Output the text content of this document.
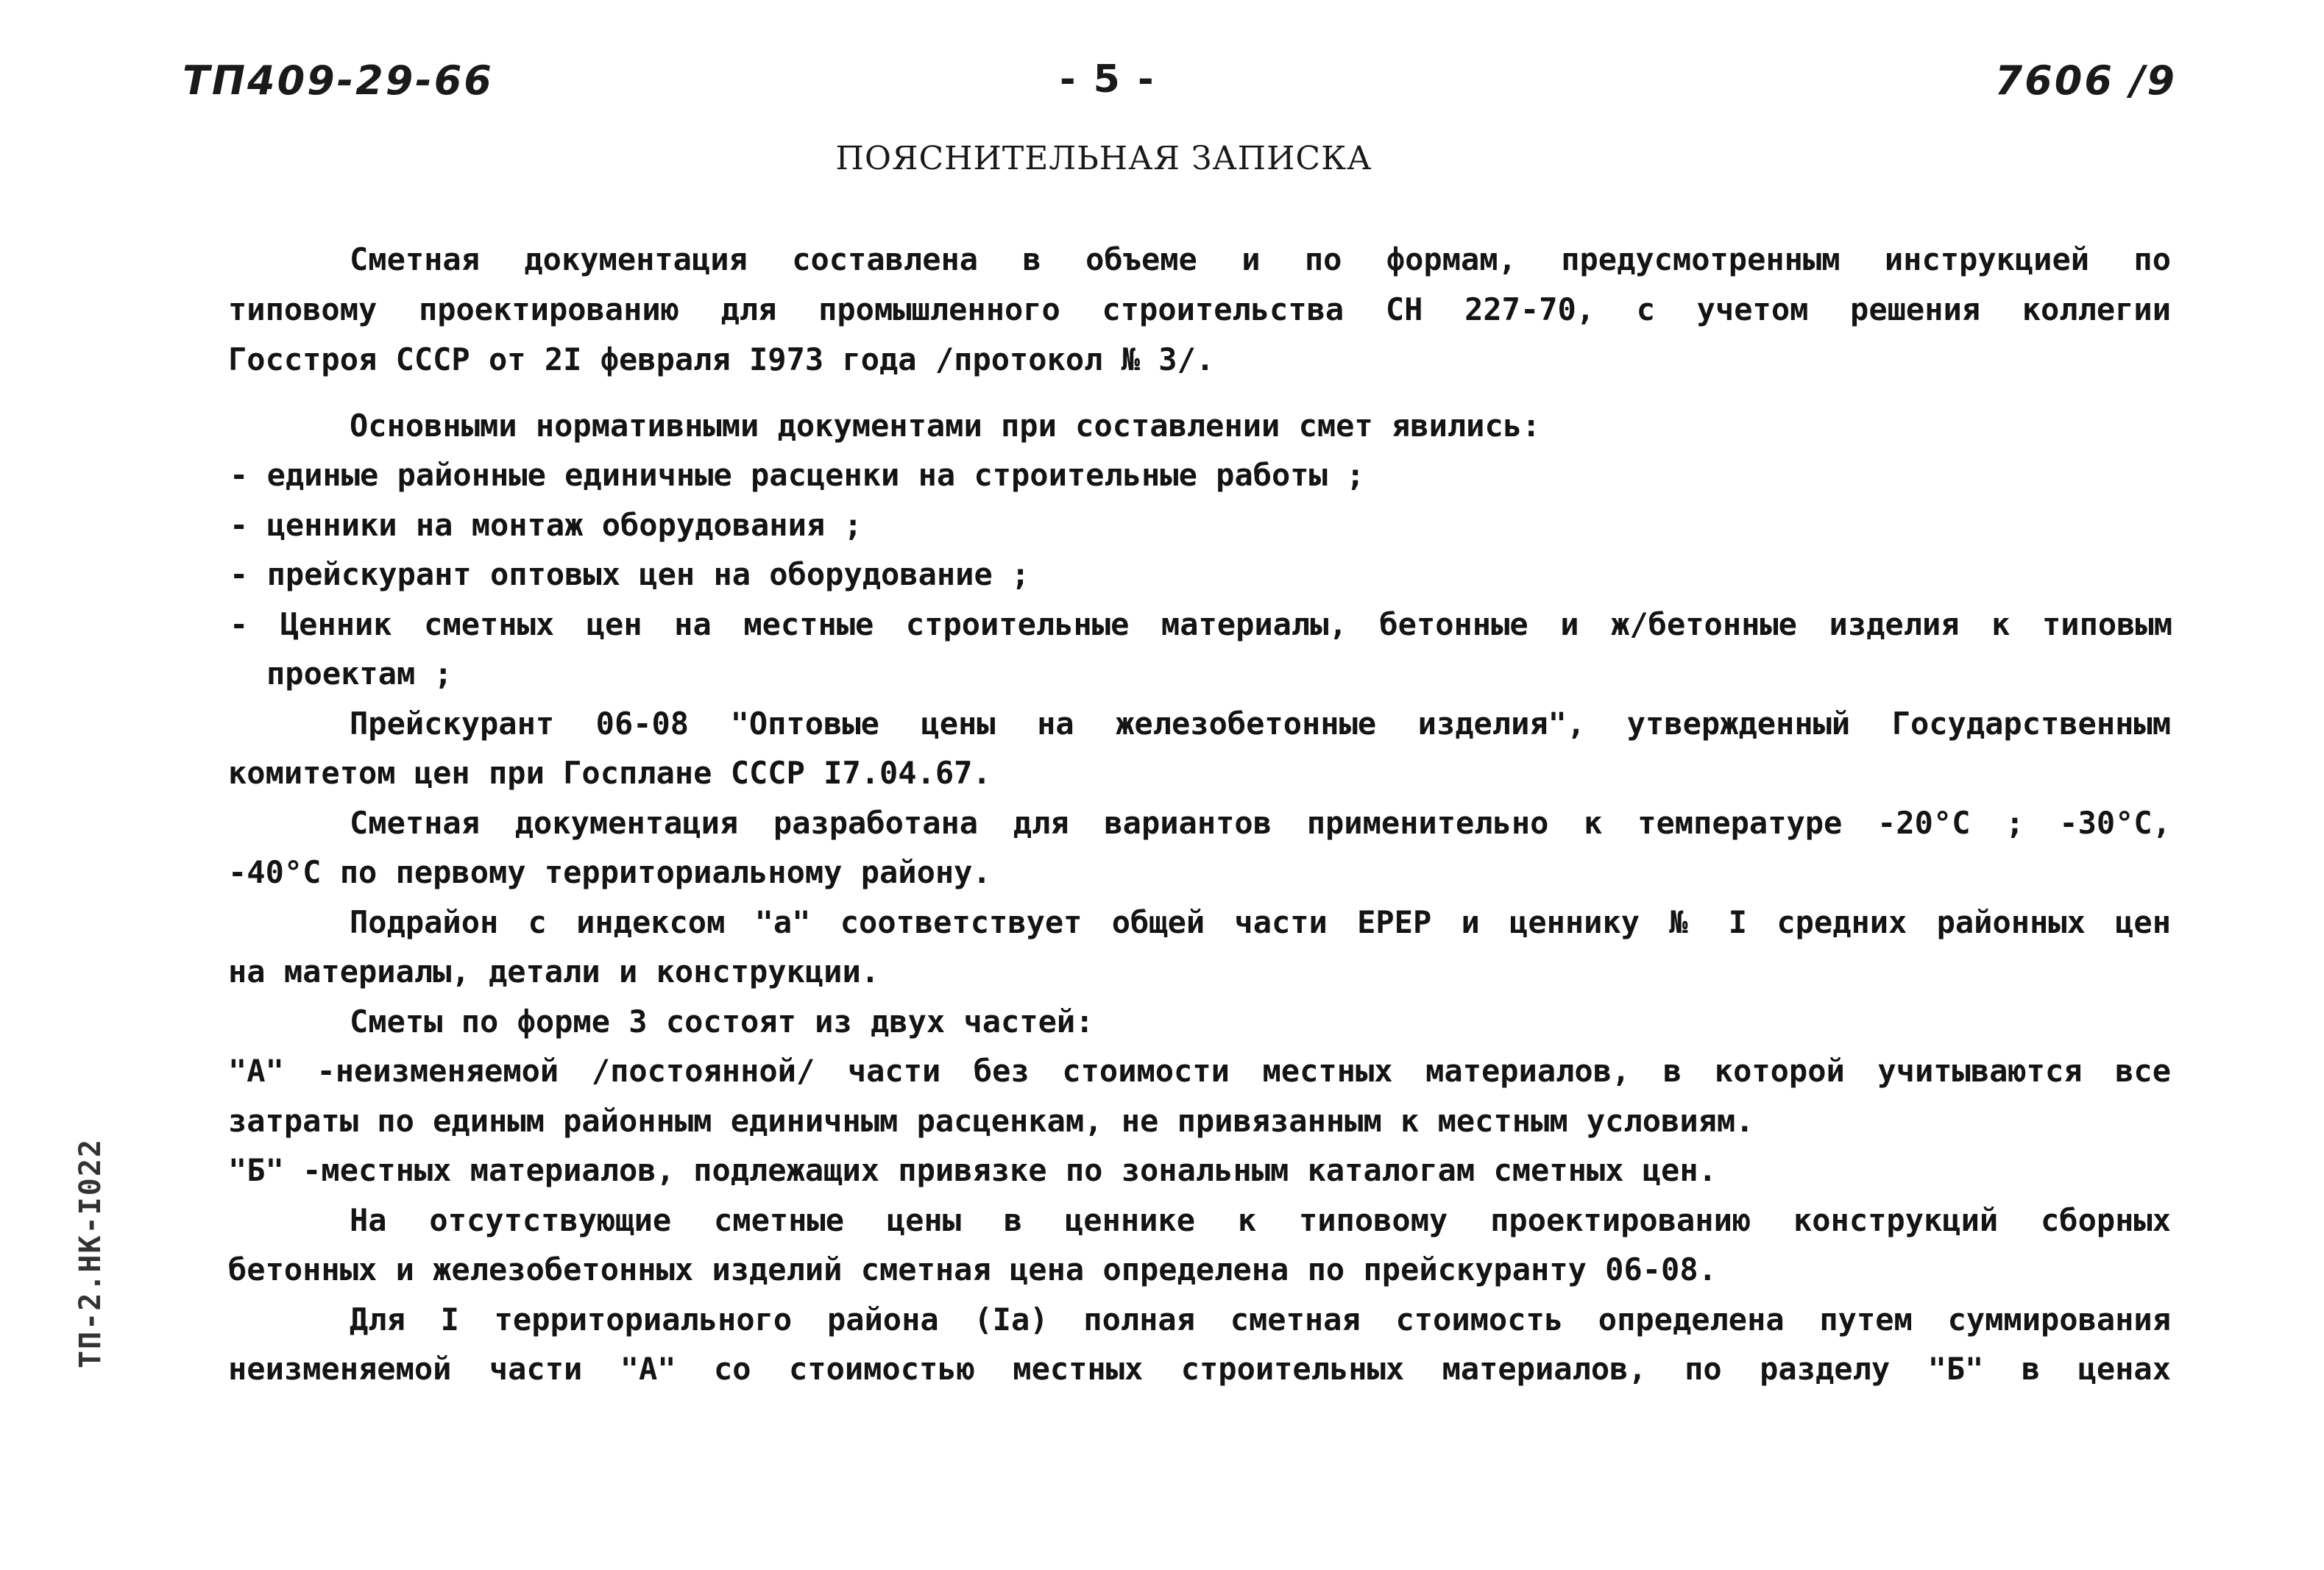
ТП409-29-66	- 5 -	7606 /9
ПОЯСНИТЕЛЬНАЯ ЗАПИСКА
Сметная документация составлена в объеме и по формам, предусмотренным инструкцией по
типовому проектированию для промышленного строительства СН 227-70, с учетом решения коллегии
Госстроя СССР от 2I февраля I973 года /протокол № 3/.
Основными нормативными документами при составлении смет явились:
- единые районные единичные расценки на строительные работы ;
- ценники на монтаж оборудования ;
- прейскурант оптовых цен на оборудование ;
- Ценник сметных цен на местные строительные материалы, бетонные и ж/бетонные изделия к типовым
проектам ;
Прейскурант 06-08 "Оптовые цены на железобетонные изделия", утвержденный Государственным
комитетом цен при Госплане СССР I7.04.67.
Сметная документация разработана для вариантов применительно к температуре -20°С ; -30°С,
-40°С по первому территориальному району.
Подрайон с индексом "а" соответствует общей части ЕРЕР и ценнику № I средних районных цен
на материалы, детали и конструкции.
Сметы по форме 3 состоят из двух частей:
"А" -неизменяемой /постоянной/ части без стоимости местных материалов, в которой учитываются все
затраты по единым районным единичным расценкам, не привязанным к местным условиям.
"Б" -местных материалов, подлежащих привязке по зональным каталогам сметных цен.
На отсутствующие сметные цены в ценнике к типовому проектированию конструкций сборных
бетонных и железобетонных изделий сметная цена определена по прейскуранту 06-08.
Для I территориального района (Iа) полная сметная стоимость определена путем суммирования
неизменяемой части "А" со стоимостью местных строительных материалов, по разделу "Б" в ценах
ТП-2.НК-I022
